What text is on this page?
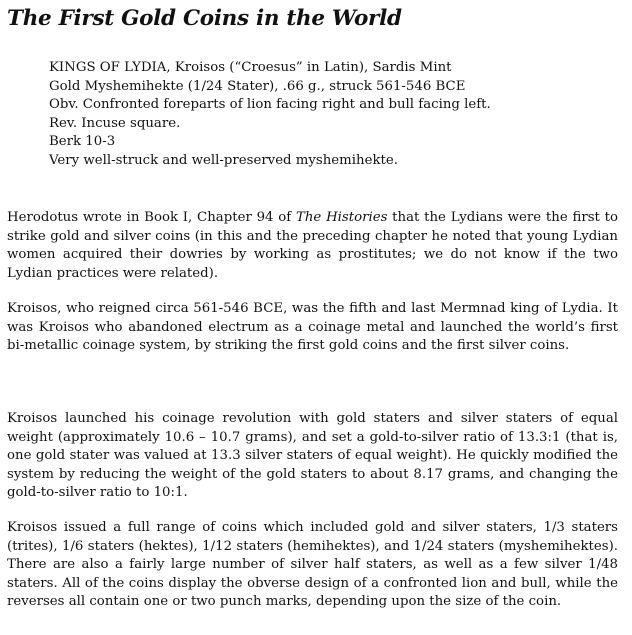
The First Gold Coins in the World
KINGS OF LYDIA, Kroisos (“Croesus” in Latin), Sardis Mint
Gold Myshemihekte (1/24 Stater), .66 g., struck 561-546 BCE
Obv. Confronted foreparts of lion facing right and bull facing left.
Rev. Incuse square.
Berk 10-3
Very well-struck and well-preserved myshemihekte.

Herodotus wrote in Book I, Chapter 94 of The Histories that the Lydians were the first to strike gold and silver coins (in this and the preceding chapter he noted that young Lydian women acquired their dowries by working as prostitutes; we do not know if the two Lydian practices were related).

Kroisos, who reigned circa 561-546 BCE, was the fifth and last Mermnad king of Lydia. It was Kroisos who abandoned electrum as a coinage metal and launched the world’s first bi-metallic coinage system, by striking the first gold coins and the first silver coins.

Kroisos launched his coinage revolution with gold staters and silver staters of equal weight (approximately 10.6 – 10.7 grams), and set a gold-to-silver ratio of 13.3:1 (that is, one gold stater was valued at 13.3 silver staters of equal weight). He quickly modified the system by reducing the weight of the gold staters to about 8.17 grams, and changing the gold-to-silver ratio to 10:1.

Kroisos issued a full range of coins which included gold and silver staters, 1/3 staters (trites), 1/6 staters (hektes), 1/12 staters (hemihektes), and 1/24 staters (myshemihektes). There are also a fairly large number of silver half staters, as well as a few silver 1/48 staters. All of the coins display the obverse design of a confronted lion and bull, while the reverses all contain one or two punch marks, depending upon the size of the coin.
